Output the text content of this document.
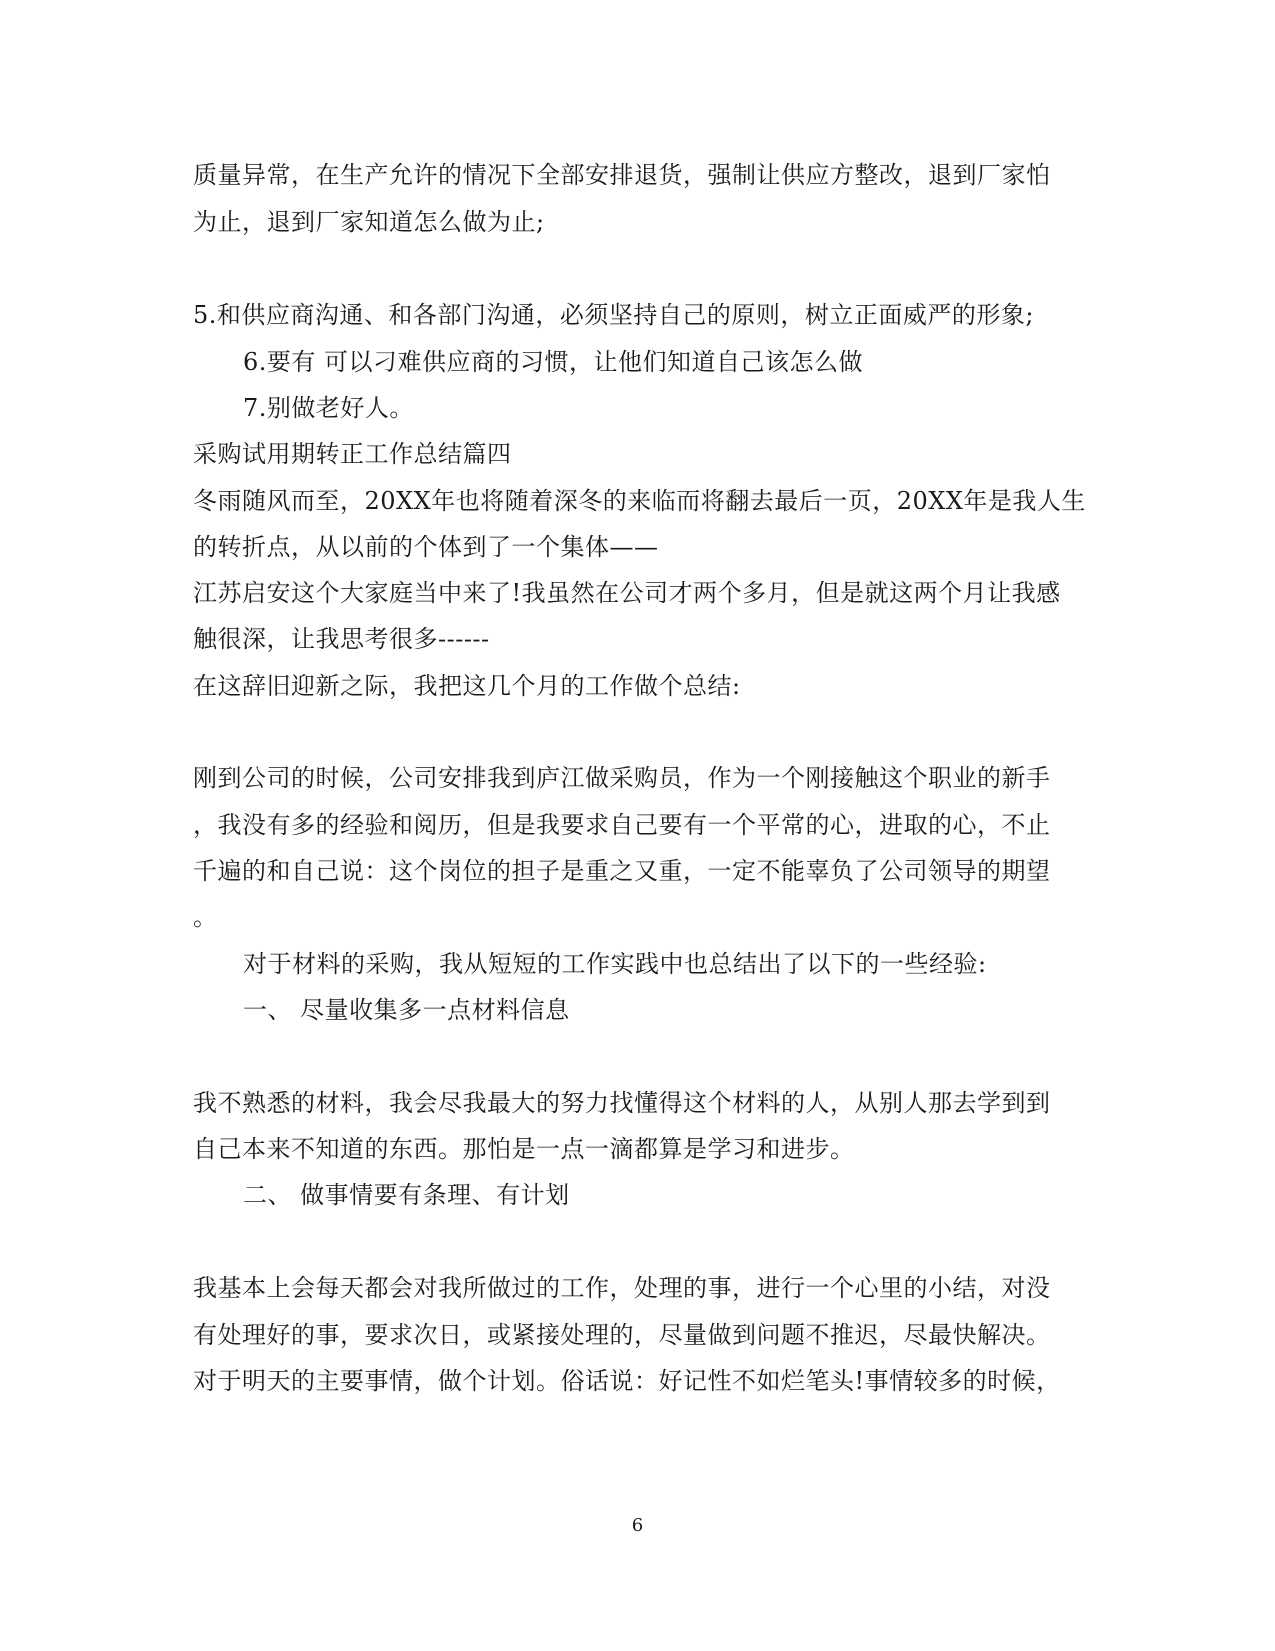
质量异常，在生产允许的情况下全部安排退货，强制让供应方整改，退到厂家怕
为止，退到厂家知道怎么做为止;
5.和供应商沟通、和各部门沟通，必须坚持自己的原则，树立正面威严的形象;
6.要有 可以刁难供应商的习惯，让他们知道自己该怎么做
7.别做老好人。
采购试用期转正工作总结篇四
冬雨随风而至，20XX年也将随着深冬的来临而将翻去最后一页，20XX年是我人生
的转折点，从以前的个体到了一个集体——
江苏启安这个大家庭当中来了!我虽然在公司才两个多月，但是就这两个月让我感
触很深，让我思考很多------
在这辞旧迎新之际，我把这几个月的工作做个总结:
刚到公司的时候，公司安排我到庐江做采购员，作为一个刚接触这个职业的新手
，我没有多的经验和阅历，但是我要求自己要有一个平常的心，进取的心，不止
千遍的和自己说：这个岗位的担子是重之又重，一定不能辜负了公司领导的期望
。
对于材料的采购，我从短短的工作实践中也总结出了以下的一些经验:
一、 尽量收集多一点材料信息
我不熟悉的材料，我会尽我最大的努力找懂得这个材料的人，从别人那去学到到
自己本来不知道的东西。那怕是一点一滴都算是学习和进步。
二、 做事情要有条理、有计划
我基本上会每天都会对我所做过的工作，处理的事，进行一个心里的小结，对没
有处理好的事，要求次日，或紧接处理的，尽量做到问题不推迟，尽最快解决。
对于明天的主要事情，做个计划。俗话说：好记性不如烂笔头!事情较多的时候，
6
